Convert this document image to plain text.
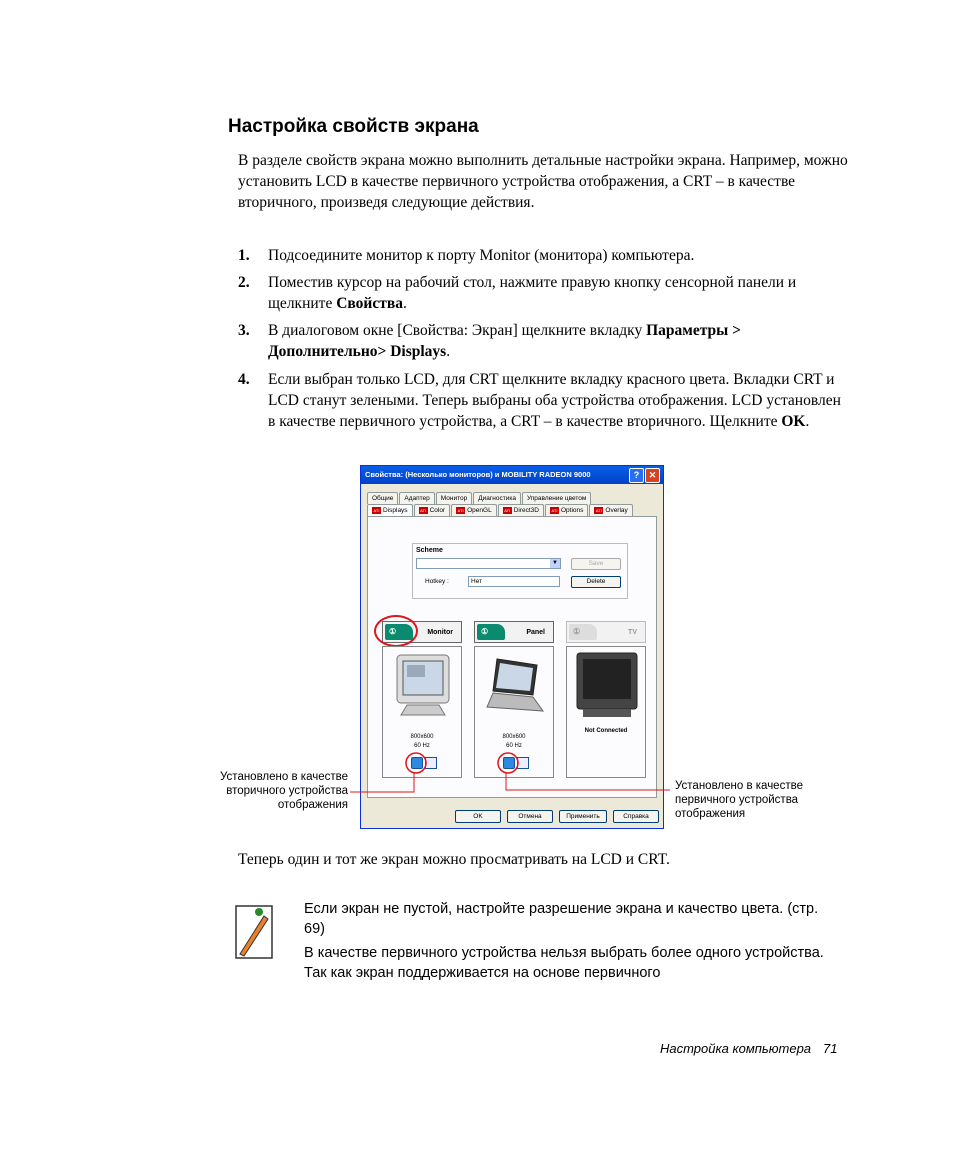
Настройка свойств экрана
В разделе свойств экрана можно выполнить детальные настройки экрана. Например, можно установить LCD в качестве первичного устройства отображения, а CRT – в качестве вторичного, произведя следующие действия.
1. Подсоедините монитор к порту Monitor (монитора) компьютера.
2. Поместив курсор на рабочий стол, нажмите правую кнопку сенсорной панели и щелкните Свойства.
3. В диалоговом окне [Свойства: Экран] щелкните вкладку Параметры > Дополнительно> Displays.
4. Если выбран только LCD, для CRT щелкните вкладку красного цвета. Вкладки CRT и LCD станут зелеными. Теперь выбраны оба устройства отображения. LCD установлен в качестве первичного устройства, а CRT – в качестве вторичного. Щелкните OK.
Свойства: (Несколько мониторов) и MOBILITY RADEON 9000	?	✕
Общие	Адаптер	Монитор	Диагностика	Управление цветом
ATI Displays	ATI Color	ATI OpenGL	ATI Direct3D	ATI Options	ATI Overlay
Scheme
▼	Save
Hotkey :	Нет	Delete
①	Monitor
800x600
60 Hz
①	Panel
800x600
60 Hz
①	TV
Not Connected
OK	Отмена	Применить	Справка
Установлено в качестве
вторичного устройства
отображения
Установлено в качестве
первичного устройства
отображения
Теперь один и тот же экран можно просматривать на LCD и CRT.
Если экран не пустой, настройте разрешение экрана и качество цвета. (стр. 69)
В качестве первичного устройства нельзя выбрать более одного устройства. Так как экран поддерживается на основе первичного
Настройка компьютера 71
